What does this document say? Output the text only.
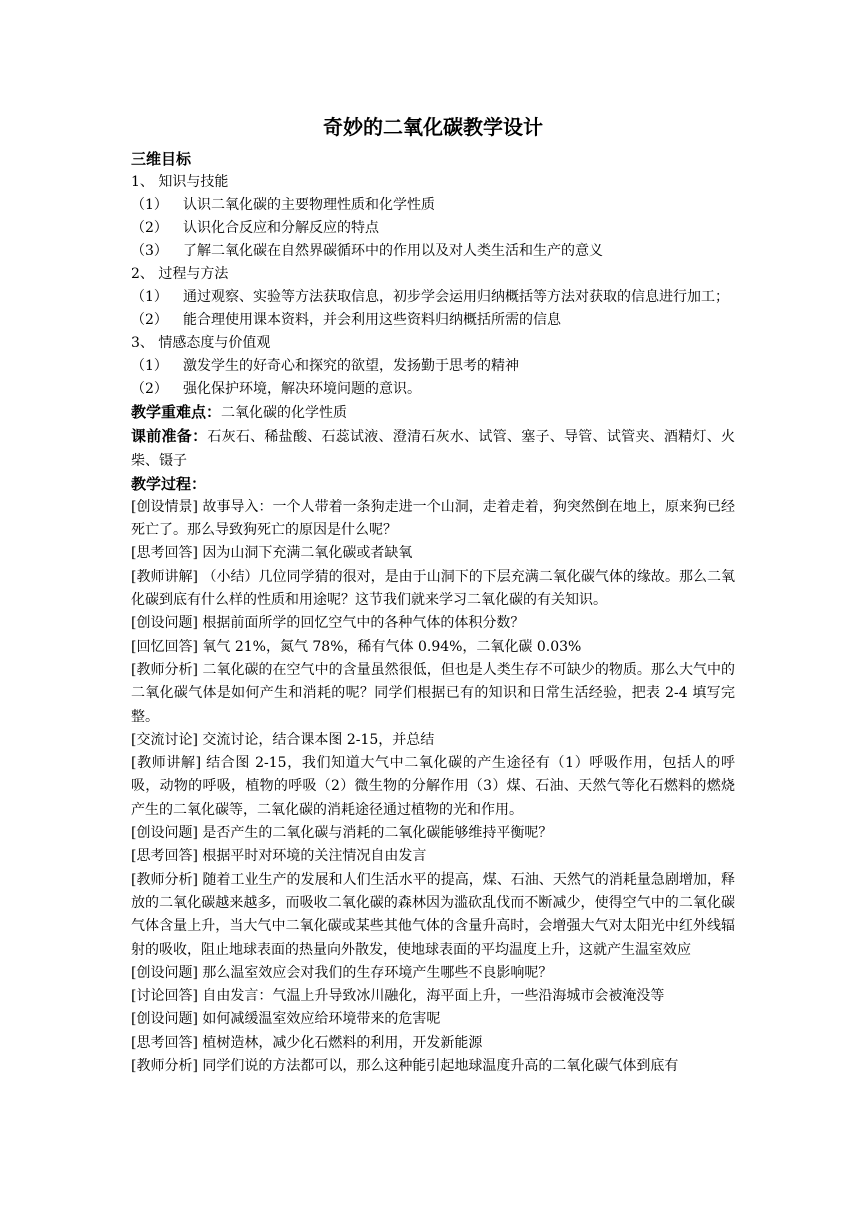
奇妙的二氧化碳教学设计
三维目标
1、 知识与技能
（1）	认识二氧化碳的主要物理性质和化学性质
（2）	认识化合反应和分解反应的特点
（3）	了解二氧化碳在自然界碳循环中的作用以及对人类生活和生产的意义
2、 过程与方法
（1）	通过观察、实验等方法获取信息，初步学会运用归纳概括等方法对获取的信息进行加工；
（2）	能合理使用课本资料，并会利用这些资料归纳概括所需的信息
3、 情感态度与价值观
（1）	激发学生的好奇心和探究的欲望，发扬勤于思考的精神
（2）	强化保护环境，解决环境问题的意识。
教学重难点：二氧化碳的化学性质
课前准备：石灰石、稀盐酸、石蕊试液、澄清石灰水、试管、塞子、导管、试管夹、酒精灯、火柴、镊子
教学过程：
[创设情景] 故事导入：一个人带着一条狗走进一个山洞，走着走着，狗突然倒在地上，原来狗已经死亡了。那么导致狗死亡的原因是什么呢？
[思考回答] 因为山洞下充满二氧化碳或者缺氧
[教师讲解] （小结）几位同学猜的很对，是由于山洞下的下层充满二氧化碳气体的缘故。那么二氧化碳到底有什么样的性质和用途呢？这节我们就来学习二氧化碳的有关知识。
[创设问题] 根据前面所学的回忆空气中的各种气体的体积分数？
[回忆回答] 氧气 21%，氮气 78%，稀有气体 0.94%，二氧化碳 0.03%
[教师分析] 二氧化碳的在空气中的含量虽然很低，但也是人类生存不可缺少的物质。那么大气中的二氧化碳气体是如何产生和消耗的呢？同学们根据已有的知识和日常生活经验，把表 2-4 填写完整。
[交流讨论] 交流讨论，结合课本图 2-15，并总结
[教师讲解] 结合图 2-15，我们知道大气中二氧化碳的产生途径有（1）呼吸作用，包括人的呼吸，动物的呼吸，植物的呼吸（2）微生物的分解作用（3）煤、石油、天然气等化石燃料的燃烧产生的二氧化碳等，二氧化碳的消耗途径通过植物的光和作用。
[创设问题] 是否产生的二氧化碳与消耗的二氧化碳能够维持平衡呢？
[思考回答] 根据平时对环境的关注情况自由发言
[教师分析] 随着工业生产的发展和人们生活水平的提高，煤、石油、天然气的消耗量急剧增加，释放的二氧化碳越来越多，而吸收二氧化碳的森林因为滥砍乱伐而不断减少，使得空气中的二氧化碳气体含量上升，当大气中二氧化碳或某些其他气体的含量升高时，会增强大气对太阳光中红外线辐射的吸收，阻止地球表面的热量向外散发，使地球表面的平均温度上升，这就产生温室效应
[创设问题] 那么温室效应会对我们的生存环境产生哪些不良影响呢？
[讨论回答] 自由发言：气温上升导致冰川融化，海平面上升，一些沿海城市会被淹没等
[创设问题] 如何减缓温室效应给环境带来的危害呢
[思考回答] 植树造林，减少化石燃料的利用，开发新能源
[教师分析] 同学们说的方法都可以，那么这种能引起地球温度升高的二氧化碳气体到底有
